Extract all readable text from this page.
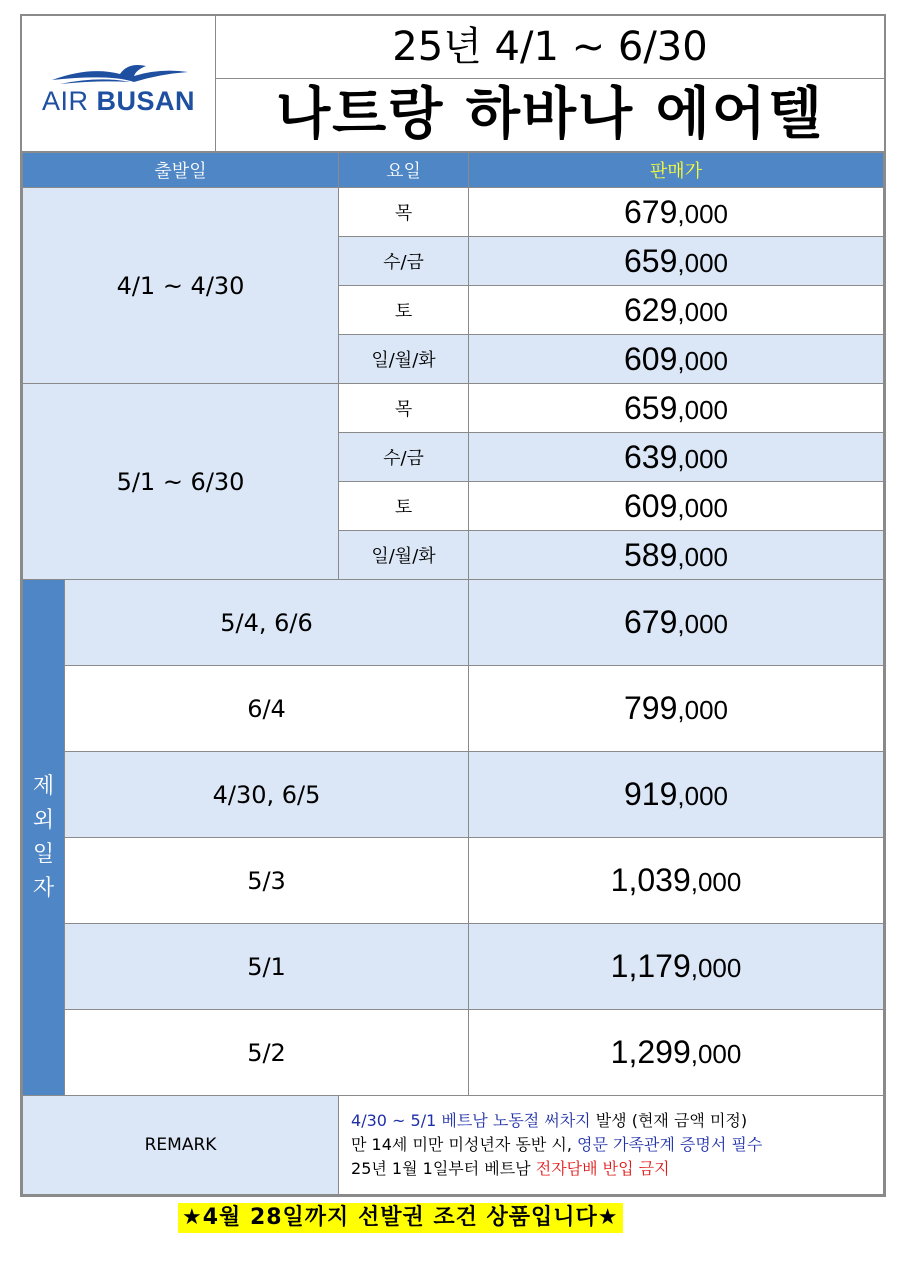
AIR BUSAN
25년 4/1 ~ 6/30
나트랑 하바나 에어텔
출발일		요일	판매가
4/1 ~ 4/30		목	679,000
		수/금	659,000
		토	629,000
		일/월/화	609,000
5/1 ~ 6/30		목	659,000
		수/금	639,000
		토	609,000
		일/월/화	589,000

제
외
일
자	5/4, 6/6		679,000
	6/4		799,000
	4/30, 6/5		919,000
	5/3		1,039,000
	5/1		1,179,000
	5/2		1,299,000
REMARK		4/30 ~ 5/1 베트남 노동절 써차지 발생 (현재 금액 미정)
만 14세 미만 미성년자 동반 시, 영문 가족관계 증명서 필수
25년 1월 1일부터 베트남 전자담배 반입 금지	
★4월 28일까지 선발권 조건 상품입니다★
